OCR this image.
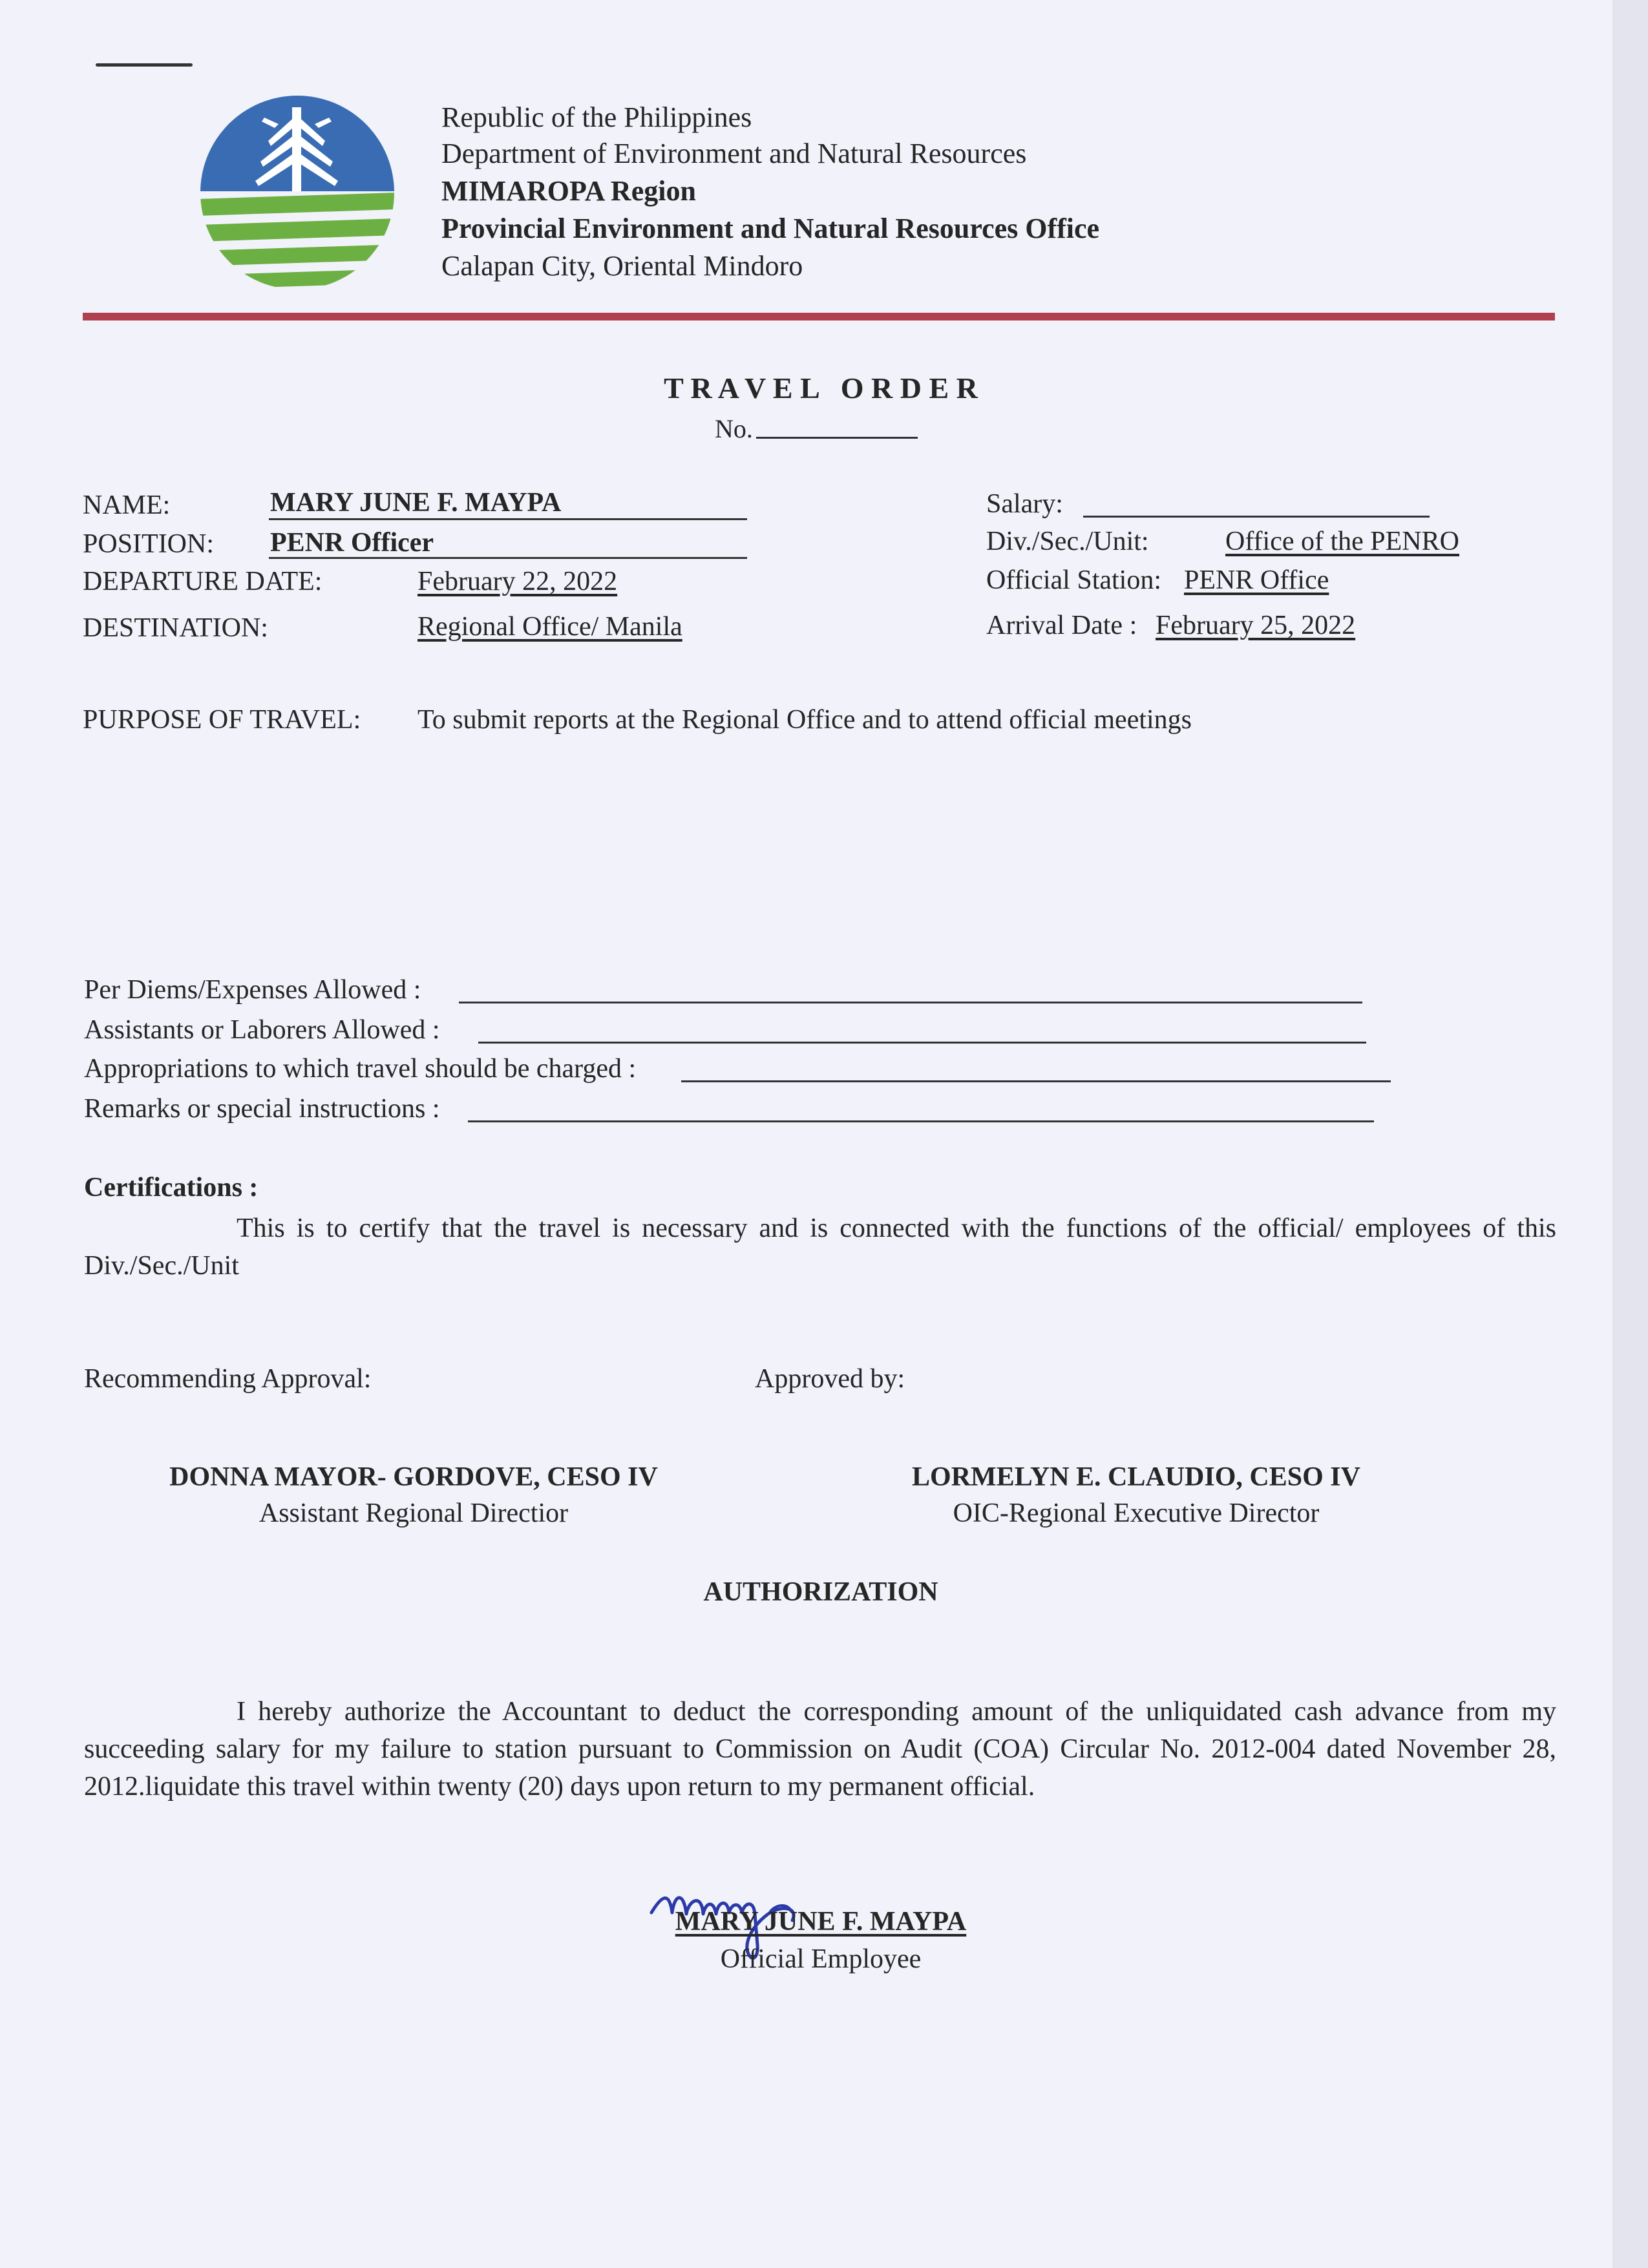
Republic of the Philippines
Department of Environment and Natural Resources
MIMAROPA Region
Provincial Environment and Natural Resources Office
Calapan City, Oriental Mindoro
T R A V E L   O R D E R
No.
NAME:	MARY JUNE F. MAYPA
POSITION: PENR Officer
DEPARTURE DATE:	February 22, 2022
DESTINATION:	Regional Office/ Manila
Salary:
Div./Sec./Unit:	Office of the PENRO
Official Station: PENR Office
Arrival Date : February 25, 2022
PURPOSE OF TRAVEL: To submit reports at the Regional Office and to attend official meetings
Per Diems/Expenses Allowed :
Assistants or Laborers Allowed :
Appropriations to which travel should be charged :
Remarks or special instructions :
Certifications :
This is to certify that the travel is necessary and is connected with the functions of the official/ employees of this Div./Sec./Unit
Recommending Approval:	Approved by:
DONNA MAYOR- GORDOVE, CESO IV
Assistant Regional Directior
LORMELYN E. CLAUDIO, CESO IV
OIC-Regional Executive Director
AUTHORIZATION
I hereby authorize the Accountant to deduct the corresponding amount of the unliquidated cash advance from my succeeding salary for my failure to station pursuant to Commission on Audit (COA) Circular No. 2012-004 dated November 28, 2012.liquidate this travel within twenty (20) days upon return to my permanent official.
MARY JUNE F. MAYPA
Official Employee
